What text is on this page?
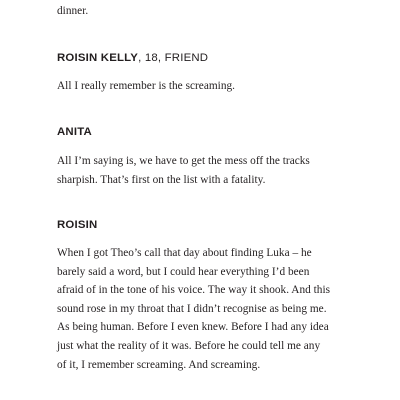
dinner.

ROISIN KELLY, 18, FRIEND

All I really remember is the screaming.

ANITA

All I’m saying is, we have to get the mess off the tracks
sharpish. That’s first on the list with a fatality.

ROISIN

When I got Theo’s call that day about finding Luka – he
barely said a word, but I could hear everything I’d been
afraid of in the tone of his voice. The way it shook. And this
sound rose in my throat that I didn’t recognise as being me.
As being human. Before I even knew. Before I had any idea
just what the reality of it was. Before he could tell me any
of it, I remember screaming. And screaming.
